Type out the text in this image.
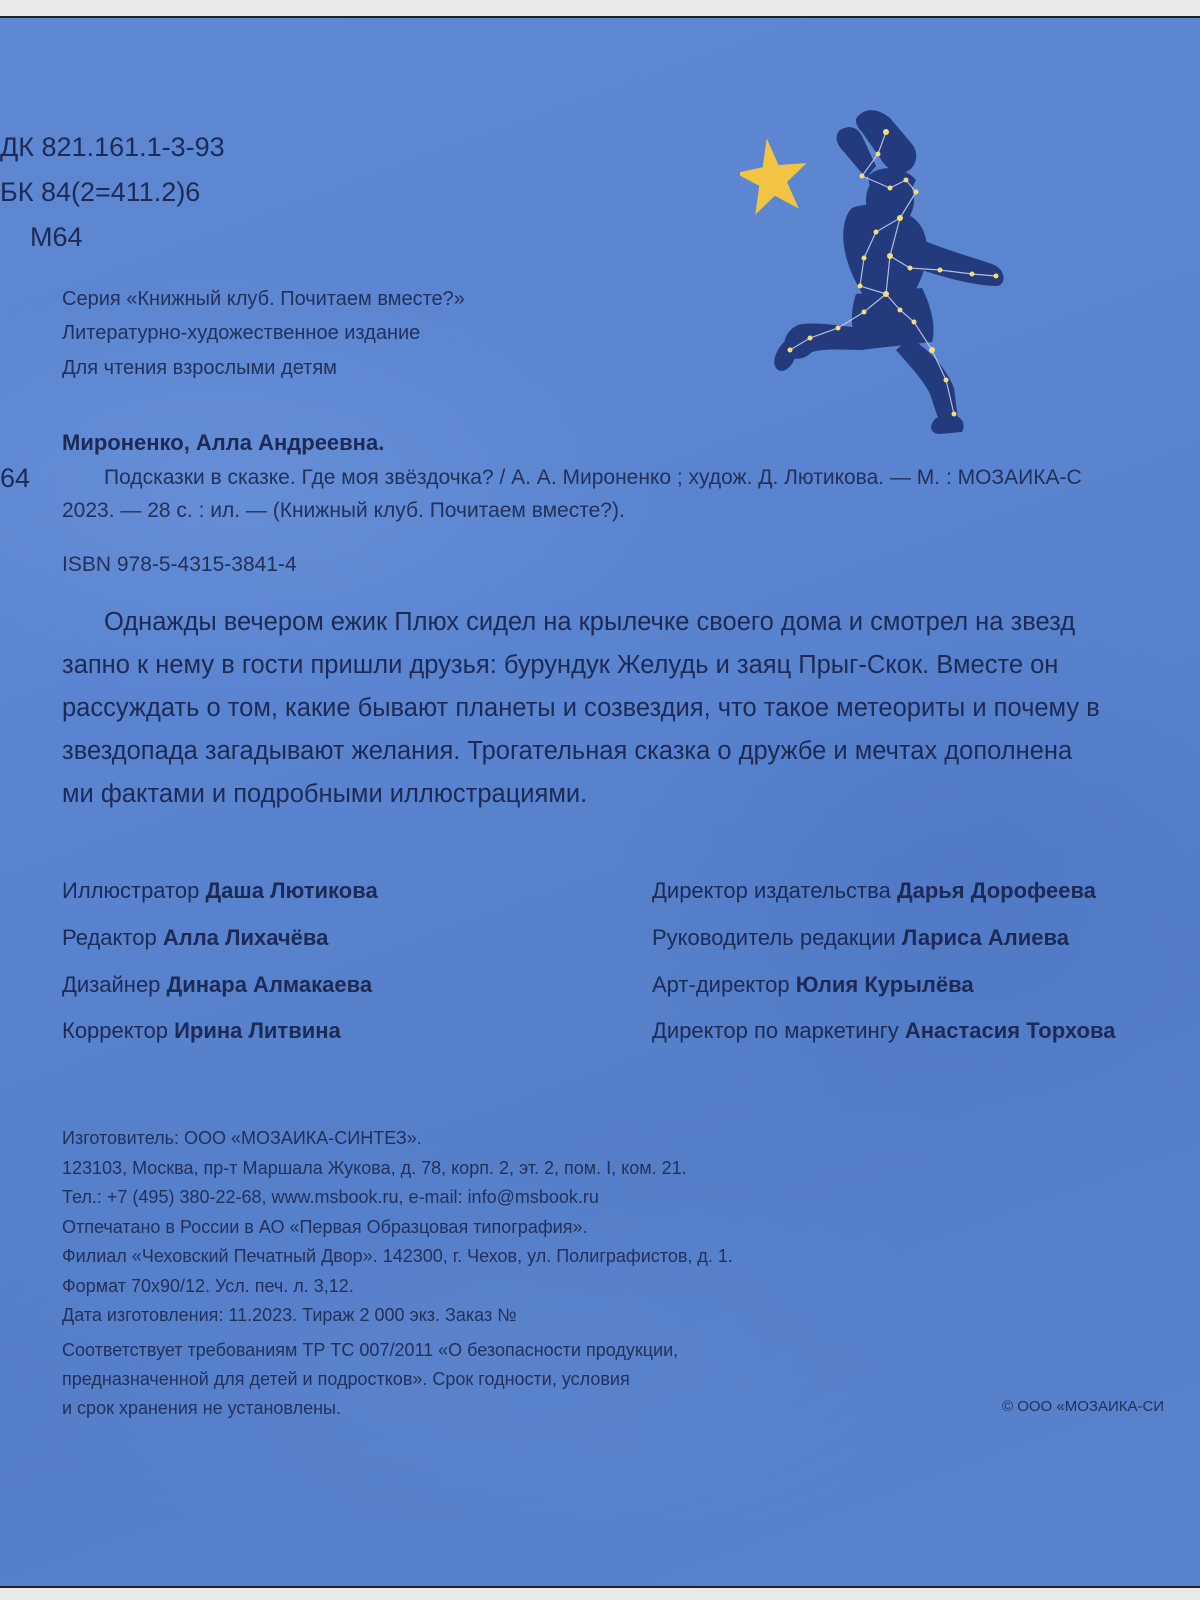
ДК 821.161.1-3-93
БК 84(2=411.2)6
М64
Серия «Книжный клуб. Почитаем вместе?»
Литературно-художественное издание
Для чтения взрослыми детям
Мироненко, Алла Андреевна.
64	Подсказки в сказке. Где моя звёздочка? / А. А. Мироненко ; худож. Д. Лютикова. — М. : МОЗАИКА-С
2023. — 28 с. : ил. — (Книжный клуб. Почитаем вместе?).
ISBN 978-5-4315-3841-4
Однажды вечером ежик Плюх сидел на крылечке своего дома и смотрел на звезд
запно к нему в гости пришли друзья: бурундук Желудь и заяц Прыг-Скок. Вместе он
рассуждать о том, какие бывают планеты и созвездия, что такое метеориты и почему в
звездопада загадывают желания. Трогательная сказка о дружбе и мечтах дополнена
ми фактами и подробными иллюстрациями.
Иллюстратор Даша Лютикова
Редактор Алла Лихачёва
Дизайнер Динара Алмакаева
Корректор Ирина Литвина
Директор издательства Дарья Дорофеева
Руководитель редакции Лариса Алиева
Арт-директор Юлия Курылёва
Директор по маркетингу Анастасия Торхова
Изготовитель: ООО «МОЗАИКА-СИНТЕЗ».
123103, Москва, пр-т Маршала Жукова, д. 78, корп. 2, эт. 2, пом. I, ком. 21.
Тел.: +7 (495) 380-22-68, www.msbook.ru, e-mail: info@msbook.ru
Отпечатано в России в АО «Первая Образцовая типография».
Филиал «Чеховский Печатный Двор». 142300, г. Чехов, ул. Полиграфистов, д. 1.
Формат 70x90/12. Усл. печ. л. 3,12.
Дата изготовления: 11.2023. Тираж 2 000 экз. Заказ №
Соответствует требованиям ТР ТС 007/2011 «О безопасности продукции,
предназначенной для детей и подростков». Срок годности, условия
и срок хранения не установлены.	© ООО «МОЗАИКА-СИ
